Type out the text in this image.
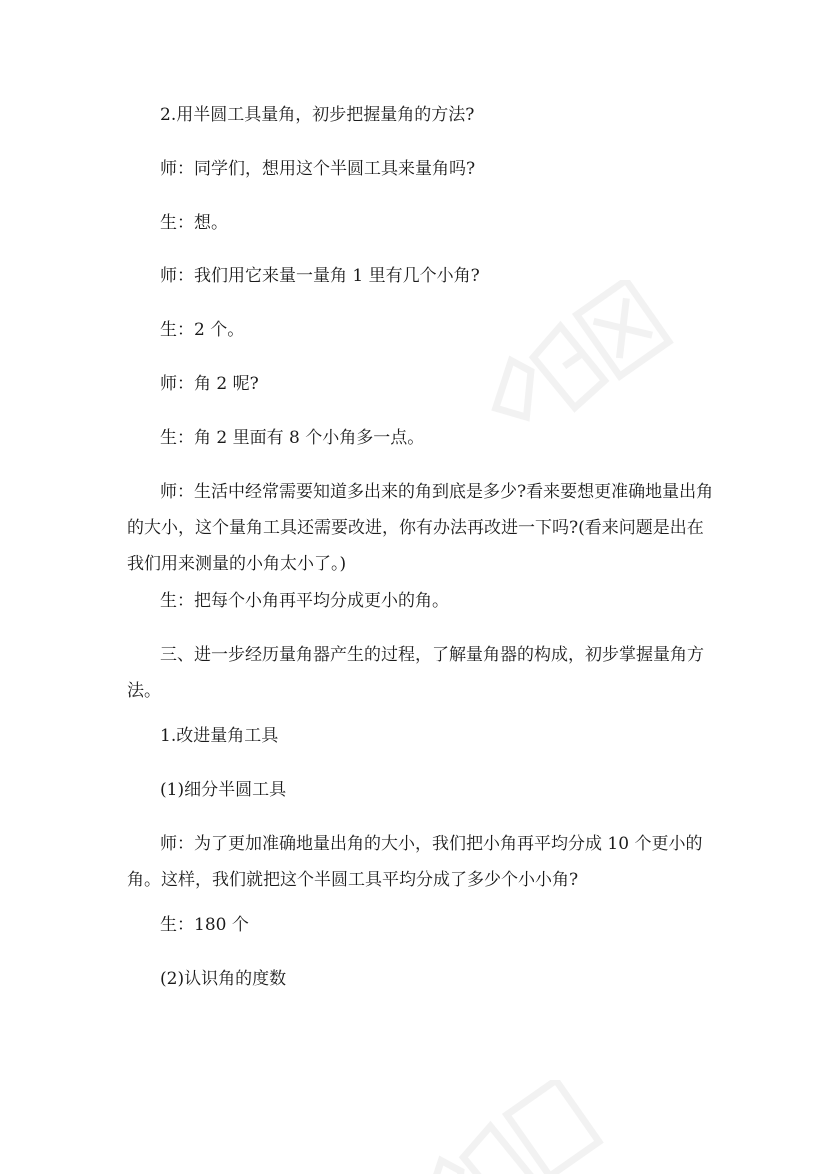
2.用半圆工具量角，初步把握量角的方法?

师：同学们，想用这个半圆工具来量角吗?

生：想。

师：我们用它来量一量角 1 里有几个小角?

生：2 个。

师：角 2 呢?

生：角 2 里面有 8 个小角多一点。

师：生活中经常需要知道多出来的角到底是多少?看来要想更准确地量出角
的大小，这个量角工具还需要改进，你有办法再改进一下吗?(看来问题是出在
我们用来测量的小角太小了。)

生：把每个小角再平均分成更小的角。

三、进一步经历量角器产生的过程，了解量角器的构成，初步掌握量角方
法。

1.改进量角工具

(1)细分半圆工具

师：为了更加准确地量出角的大小，我们把小角再平均分成 10 个更小的
角。这样，我们就把这个半圆工具平均分成了多少个小小角?

生：180 个

(2)认识角的度数
